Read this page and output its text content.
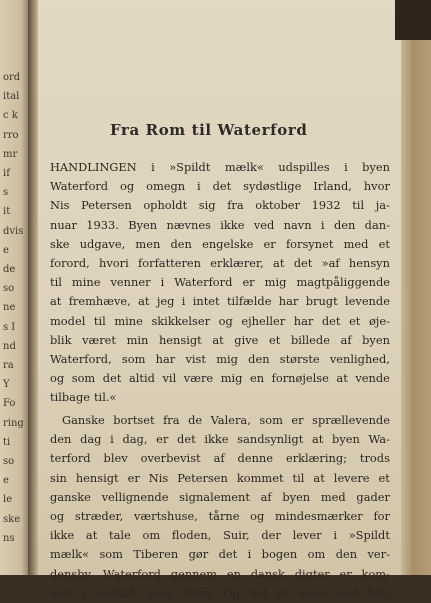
ord
ital
c k
rro
mr
if
s
it
dvis
e
de
so
ne
s I
nd
ra
Y
Fo
ring
ti
so
e
le
ske
ns
Fra Rom til Waterford
HANDLINGEN i »Spildt mælk« udspilles i byen
Waterford og omegn i det sydøstlige Irland, hvor
Nis Petersen opholdt sig fra oktober 1932 til ja-
nuar 1933. Byen nævnes ikke ved navn i den dan-
ske udgave, men den engelske er forsynet med et
forord, hvori forfatteren erklærer, at det »af hensyn
til mine venner i Waterford er mig magtpåliggende
at fremhæve, at jeg i intet tilfælde har brugt levende
model til mine skikkelser og ejheller har det et øje-
blik været min hensigt at give et billede af byen
Waterford, som har vist mig den største venlighed,
og som det altid vil være mig en fornøjelse at vende
tilbage til.«
Ganske bortset fra de Valera, som er sprællevende
den dag i dag, er det ikke sandsynligt at byen Wa-
terford blev overbevist af denne erklæring; trods
sin hensigt er Nis Petersen kommet til at levere et
ganske vellignende signalement af byen med gader
og stræder, værtshuse, tårne og mindesmærker for
ikke at tale om floden, Suir, der lever i »Spildt
mælk« som Tiberen gør det i bogen om den ver-
densby, Waterford gennem en dansk digter er kom-
met i selskab med: Rom. Og det er mere end blot
